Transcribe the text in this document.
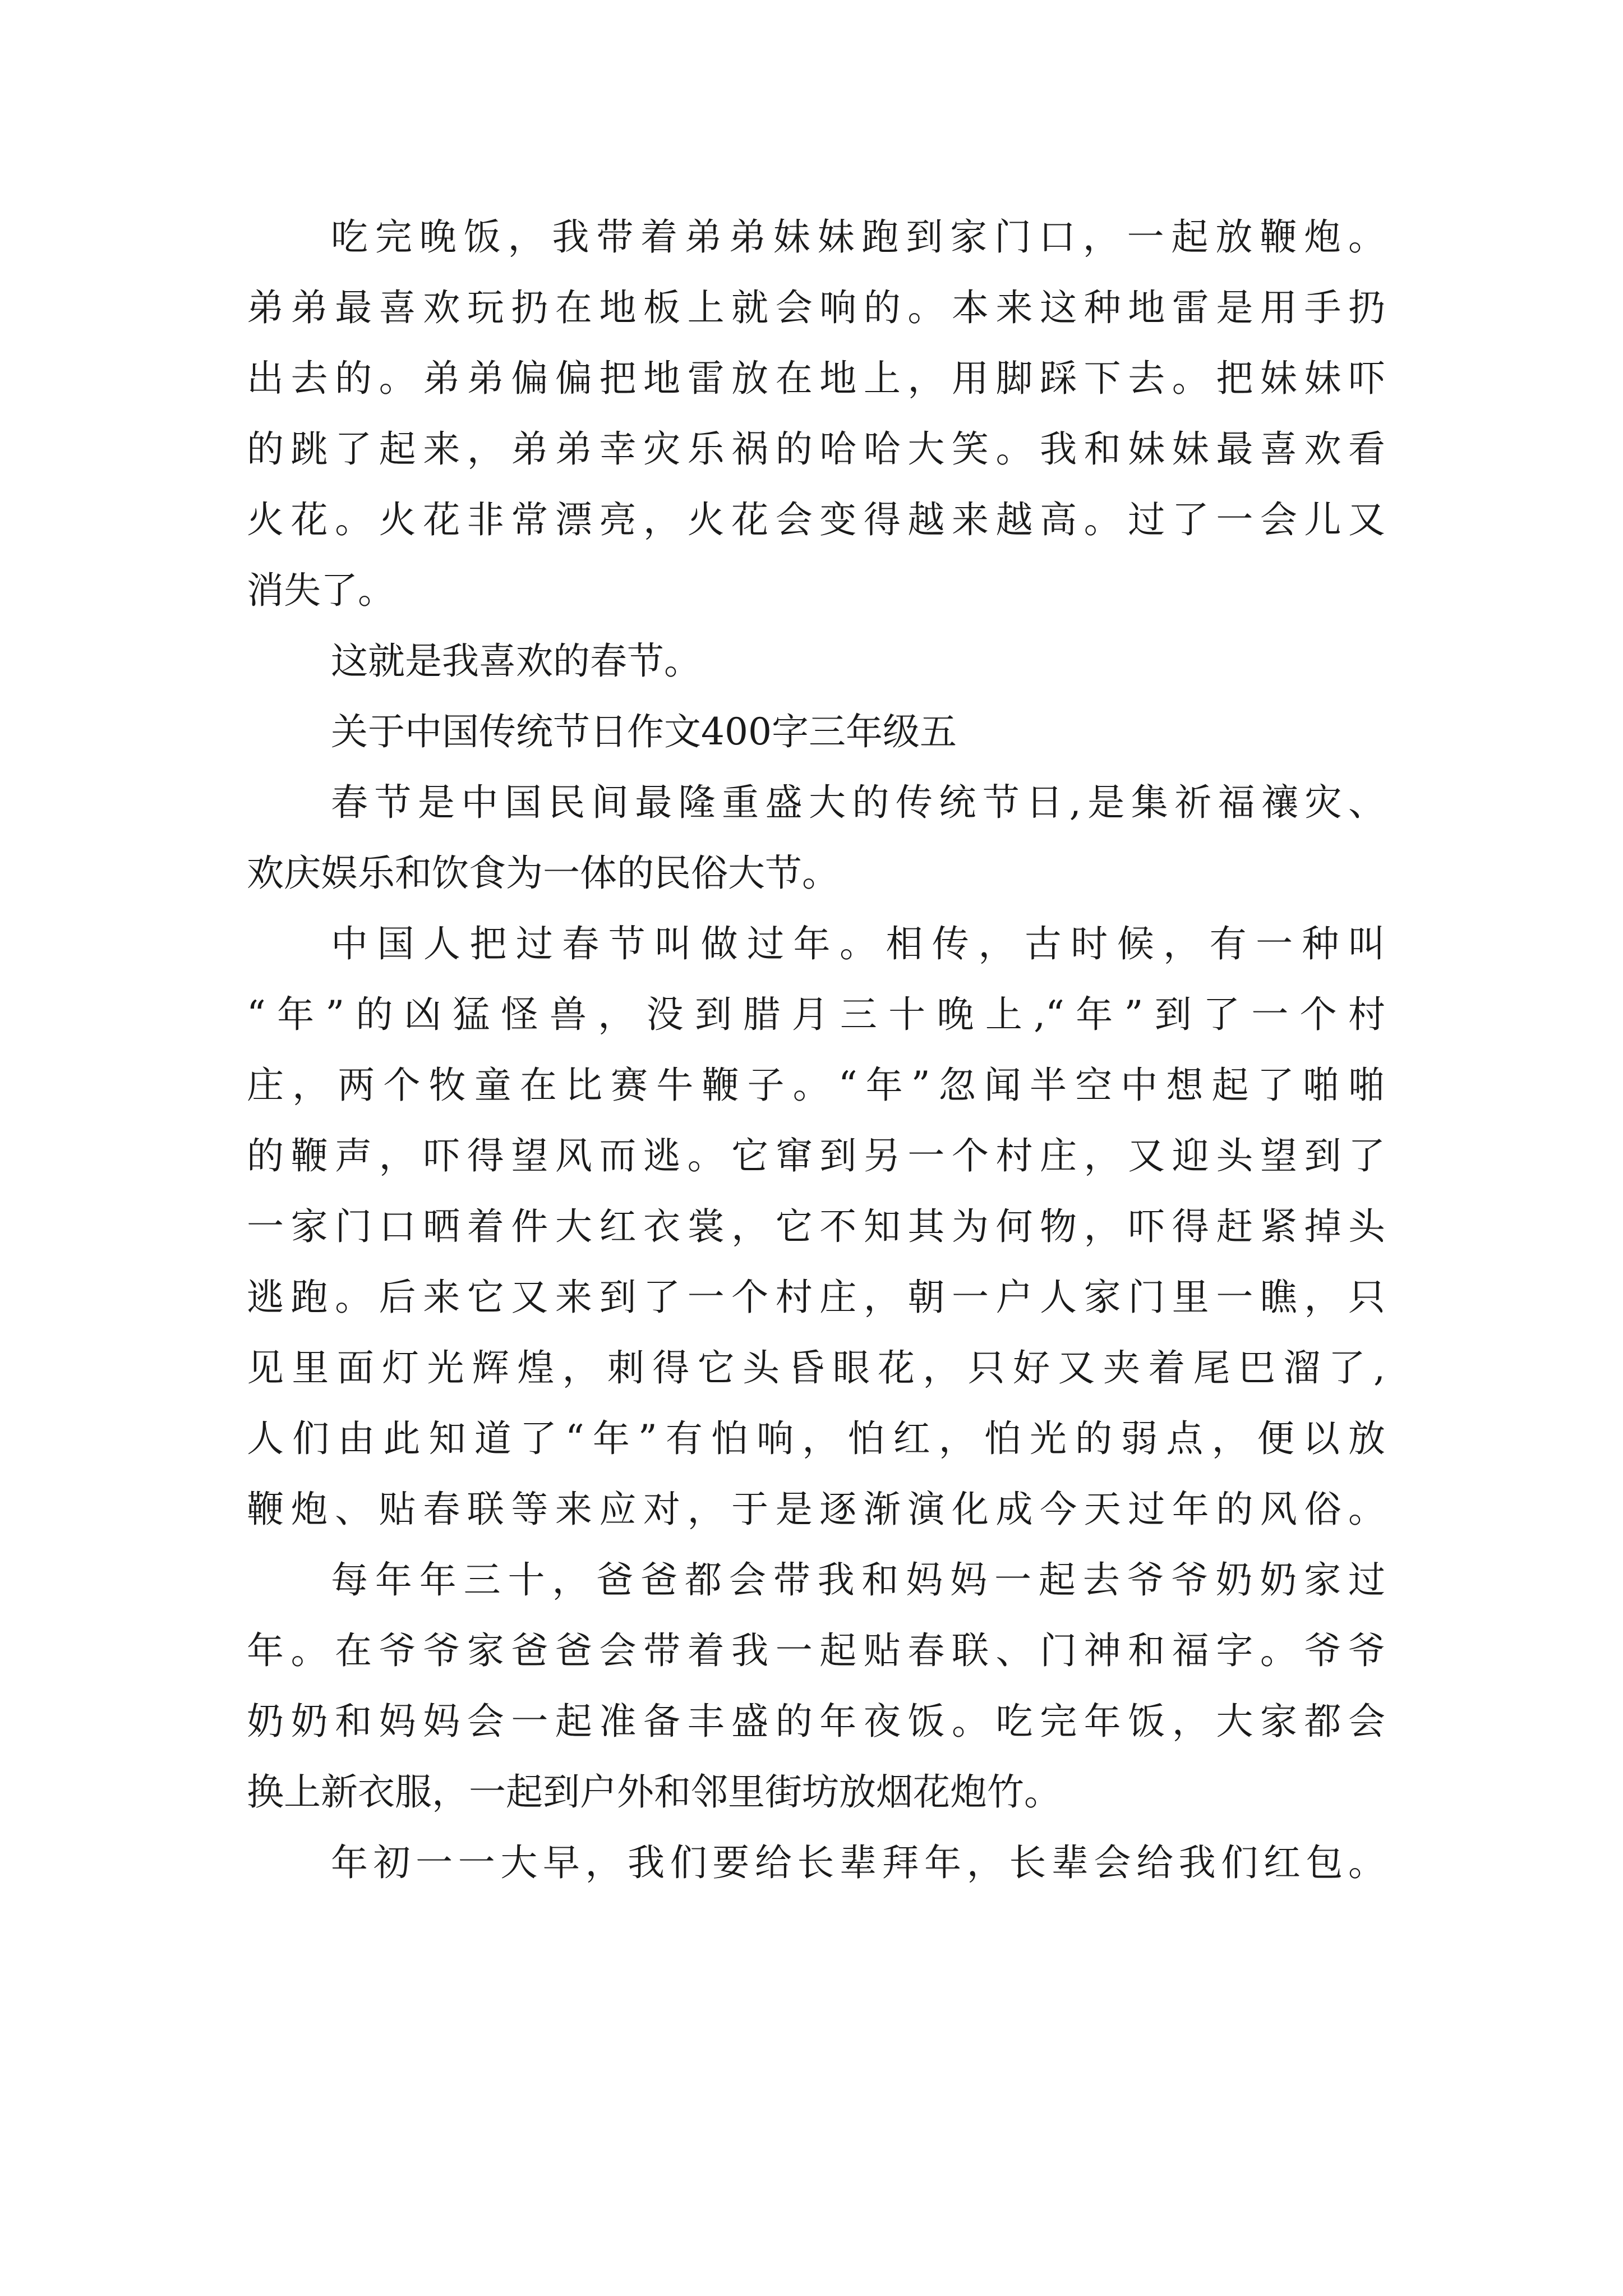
吃完晚饭，我带着弟弟妹妹跑到家门口，一起放鞭炮。
弟弟最喜欢玩扔在地板上就会响的。本来这种地雷是用手扔
出去的。弟弟偏偏把地雷放在地上，用脚踩下去。把妹妹吓
的跳了起来，弟弟幸灾乐祸的哈哈大笑。我和妹妹最喜欢看
火花。火花非常漂亮，火花会变得越来越高。过了一会儿又
消失了。
这就是我喜欢的春节。
关于中国传统节日作文400字三年级五
春节是中国民间最隆重盛大的传统节日,是集祈福禳灾、
欢庆娱乐和饮食为一体的民俗大节。
中国人把过春节叫做过年。相传，古时候，有一种叫
“年”的凶猛怪兽，没到腊月三十晚上,“年”到了一个村
庄，两个牧童在比赛牛鞭子。“年”忽闻半空中想起了啪啪
的鞭声，吓得望风而逃。它窜到另一个村庄，又迎头望到了
一家门口晒着件大红衣裳，它不知其为何物，吓得赶紧掉头
逃跑。后来它又来到了一个村庄，朝一户人家门里一瞧，只
见里面灯光辉煌，刺得它头昏眼花，只好又夹着尾巴溜了,
人们由此知道了“年”有怕响，怕红，怕光的弱点，便以放
鞭炮、贴春联等来应对，于是逐渐演化成今天过年的风俗。
每年年三十，爸爸都会带我和妈妈一起去爷爷奶奶家过
年。在爷爷家爸爸会带着我一起贴春联、门神和福字。爷爷
奶奶和妈妈会一起准备丰盛的年夜饭。吃完年饭，大家都会
换上新衣服，一起到户外和邻里街坊放烟花炮竹。
年初一一大早，我们要给长辈拜年，长辈会给我们红包。
